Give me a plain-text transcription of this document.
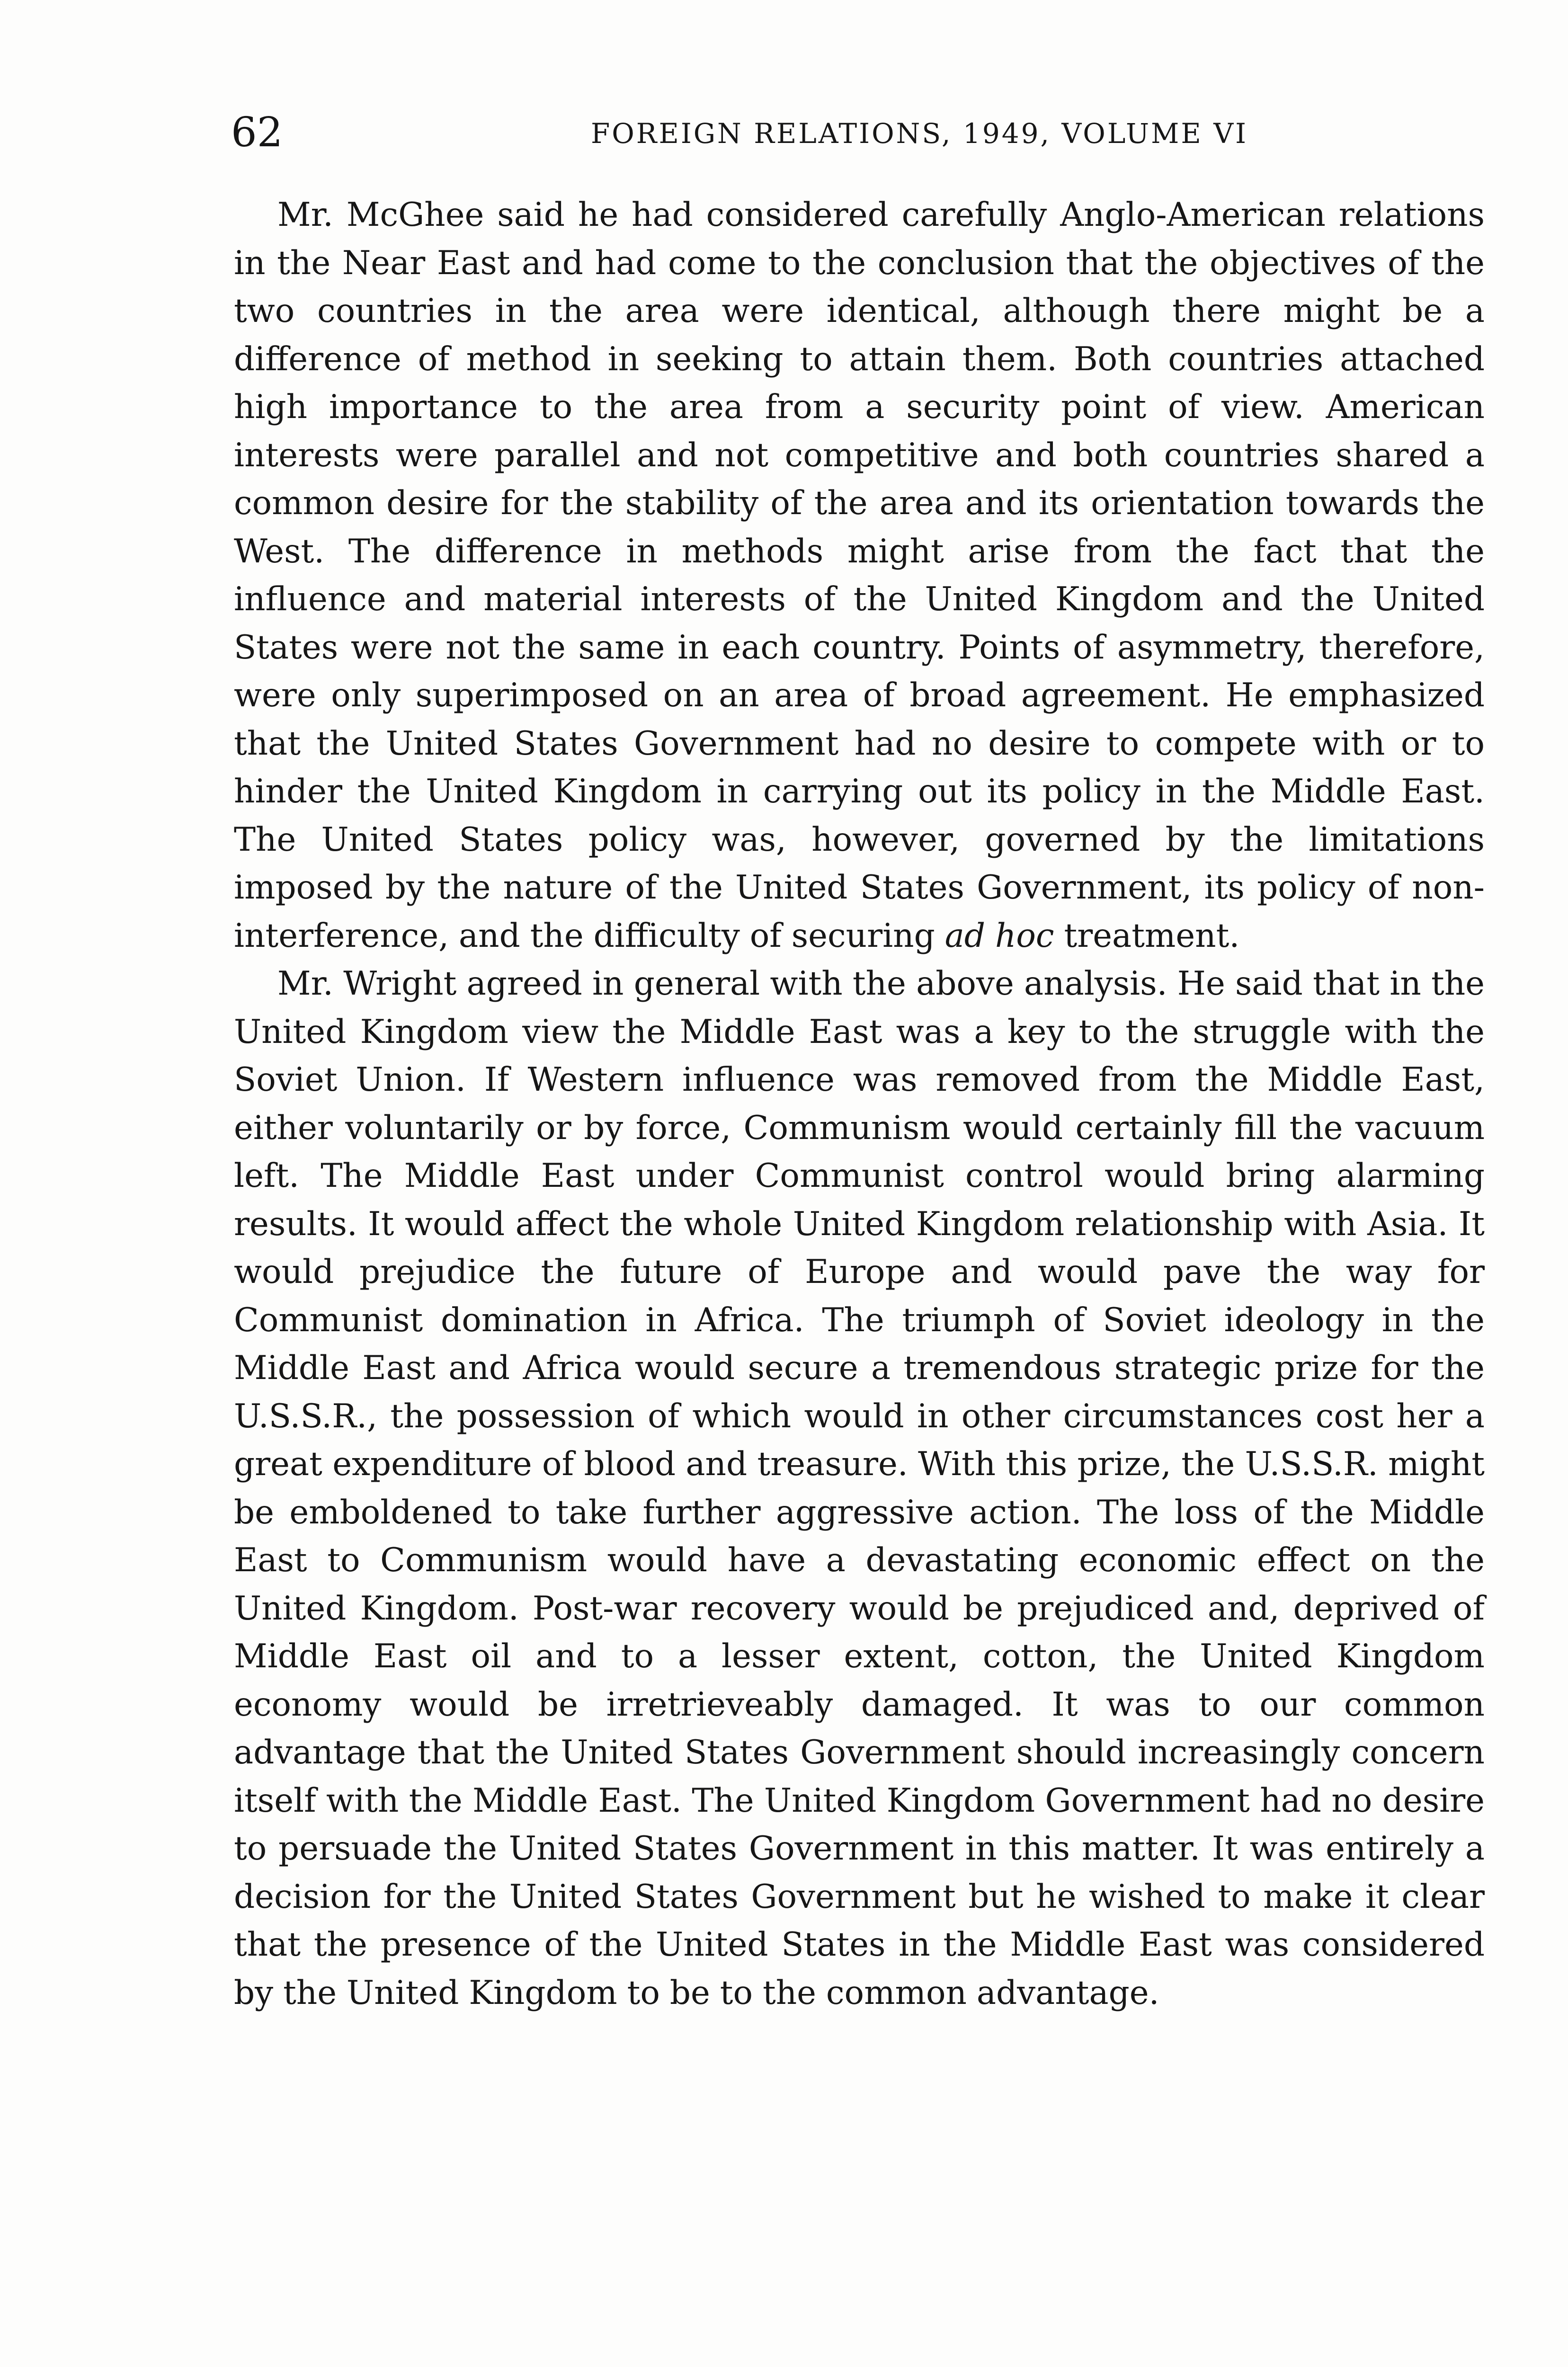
62	FOREIGN RELATIONS, 1949, VOLUME VI

Mr. McGhee said he had considered carefully Anglo-American relations in the Near East and had come to the conclusion that the objectives of the two countries in the area were identical, although there might be a difference of method in seeking to attain them. Both countries attached high importance to the area from a security point of view. American interests were parallel and not competitive and both countries shared a common desire for the stability of the area and its orientation towards the West. The difference in methods might arise from the fact that the influence and material interests of the United Kingdom and the United States were not the same in each country. Points of asymmetry, therefore, were only superimposed on an area of broad agreement. He emphasized that the United States Government had no desire to compete with or to hinder the United Kingdom in carrying out its policy in the Middle East. The United States policy was, however, governed by the limitations imposed by the nature of the United States Government, its policy of non-interference, and the difficulty of securing ad hoc treatment.

Mr. Wright agreed in general with the above analysis. He said that in the United Kingdom view the Middle East was a key to the struggle with the Soviet Union. If Western influence was removed from the Middle East, either voluntarily or by force, Communism would certainly fill the vacuum left. The Middle East under Communist control would bring alarming results. It would affect the whole United Kingdom relationship with Asia. It would prejudice the future of Europe and would pave the way for Communist domination in Africa. The triumph of Soviet ideology in the Middle East and Africa would secure a tremendous strategic prize for the U.S.S.R., the possession of which would in other circumstances cost her a great expenditure of blood and treasure. With this prize, the U.S.S.R. might be emboldened to take further aggressive action. The loss of the Middle East to Communism would have a devastating economic effect on the United Kingdom. Post-war recovery would be prejudiced and, deprived of Middle East oil and to a lesser extent, cotton, the United Kingdom economy would be irretrieveably damaged. It was to our common advantage that the United States Government should increasingly concern itself with the Middle East. The United Kingdom Government had no desire to persuade the United States Government in this matter. It was entirely a decision for the United States Government but he wished to make it clear that the presence of the United States in the Middle East was considered by the United Kingdom to be to the common advantage.
